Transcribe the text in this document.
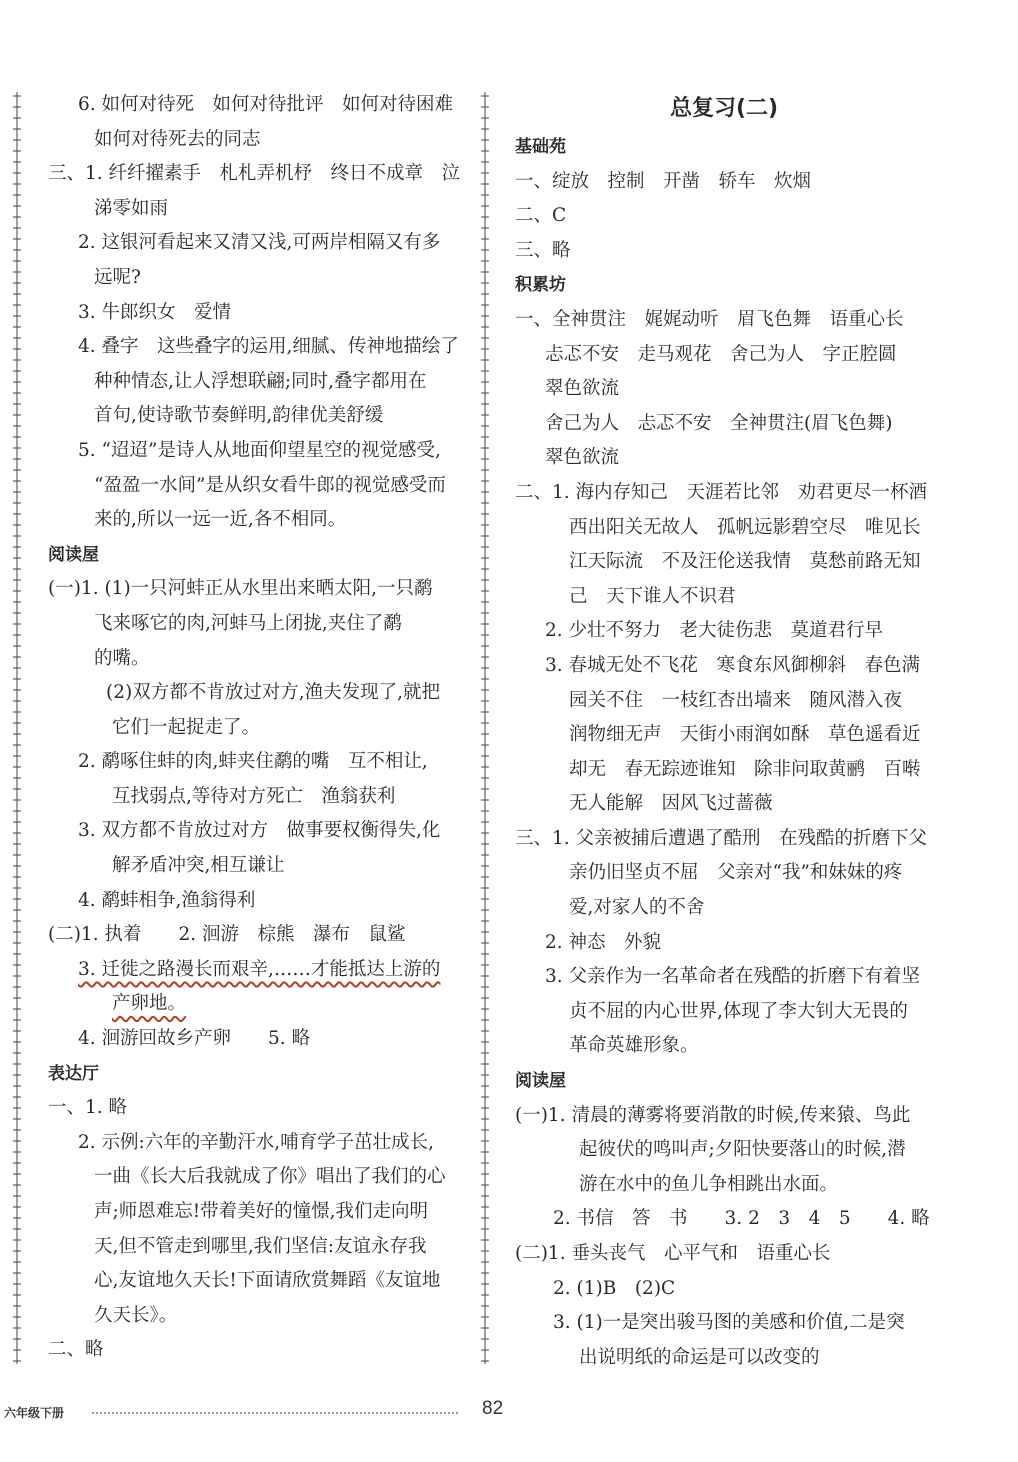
6. 如何对待死　如何对待批评　如何对待困难
如何对待死去的同志
三、1. 纤纤擢素手　札札弄机杼　终日不成章　泣
涕零如雨
2. 这银河看起来又清又浅,可两岸相隔又有多
远呢?
3. 牛郎织女　爱情
4. 叠字　这些叠字的运用,细腻、传神地描绘了
种种情态,让人浮想联翩;同时,叠字都用在
首句,使诗歌节奏鲜明,韵律优美舒缓
5. “迢迢”是诗人从地面仰望星空的视觉感受,
“盈盈一水间”是从织女看牛郎的视觉感受而
来的,所以一远一近,各不相同。
阅读屋
(一)1. (1)一只河蚌正从水里出来晒太阳,一只鹬
飞来啄它的肉,河蚌马上闭拢,夹住了鹬
的嘴。
(2)双方都不肯放过对方,渔夫发现了,就把
它们一起捉走了。
2. 鹬啄住蚌的肉,蚌夹住鹬的嘴　互不相让,
互找弱点,等待对方死亡　渔翁获利
3. 双方都不肯放过对方　做事要权衡得失,化
解矛盾冲突,相互谦让
4. 鹬蚌相争,渔翁得利
(二)1. 执着　　2. 洄游　棕熊　瀑布　鼠鲨
3. 迁徙之路漫长而艰辛,……才能抵达上游的
产卵地。
4. 洄游回故乡产卵　　5. 略
表达厅
一、1. 略
2. 示例:六年的辛勤汗水,哺育学子茁壮成长,
一曲《长大后我就成了你》唱出了我们的心
声;师恩难忘!带着美好的憧憬,我们走向明
天,但不管走到哪里,我们坚信:友谊永存我
心,友谊地久天长!下面请欣赏舞蹈《友谊地
久天长》。
二、略
总复习(二)
基础苑
一、绽放　控制　开凿　轿车　炊烟
二、C
三、略
积累坊
一、全神贯注　娓娓动听　眉飞色舞　语重心长
忐忑不安　走马观花　舍己为人　字正腔圆
翠色欲流
舍己为人　忐忑不安　全神贯注(眉飞色舞)
翠色欲流
二、1. 海内存知己　天涯若比邻　劝君更尽一杯酒
西出阳关无故人　孤帆远影碧空尽　唯见长
江天际流　不及汪伦送我情　莫愁前路无知
己　天下谁人不识君
2. 少壮不努力　老大徒伤悲　莫道君行早
3. 春城无处不飞花　寒食东风御柳斜　春色满
园关不住　一枝红杏出墙来　随风潜入夜
润物细无声　天街小雨润如酥　草色遥看近
却无　春无踪迹谁知　除非问取黄鹂　百啭
无人能解　因风飞过蔷薇
三、1. 父亲被捕后遭遇了酷刑　在残酷的折磨下父
亲仍旧坚贞不屈　父亲对“我”和妹妹的疼
爱,对家人的不舍
2. 神态　外貌
3. 父亲作为一名革命者在残酷的折磨下有着坚
贞不屈的内心世界,体现了李大钊大无畏的
革命英雄形象。
阅读屋
(一)1. 清晨的薄雾将要消散的时候,传来猿、鸟此
起彼伏的鸣叫声;夕阳快要落山的时候,潜
游在水中的鱼儿争相跳出水面。
2. 书信　答　书　　3. 2　3　4　5　　4. 略
(二)1. 垂头丧气　心平气和　语重心长
2. (1)B　(2)C
3. (1)一是突出骏马图的美感和价值,二是突
出说明纸的命运是可以改变的
六年级下册	82
